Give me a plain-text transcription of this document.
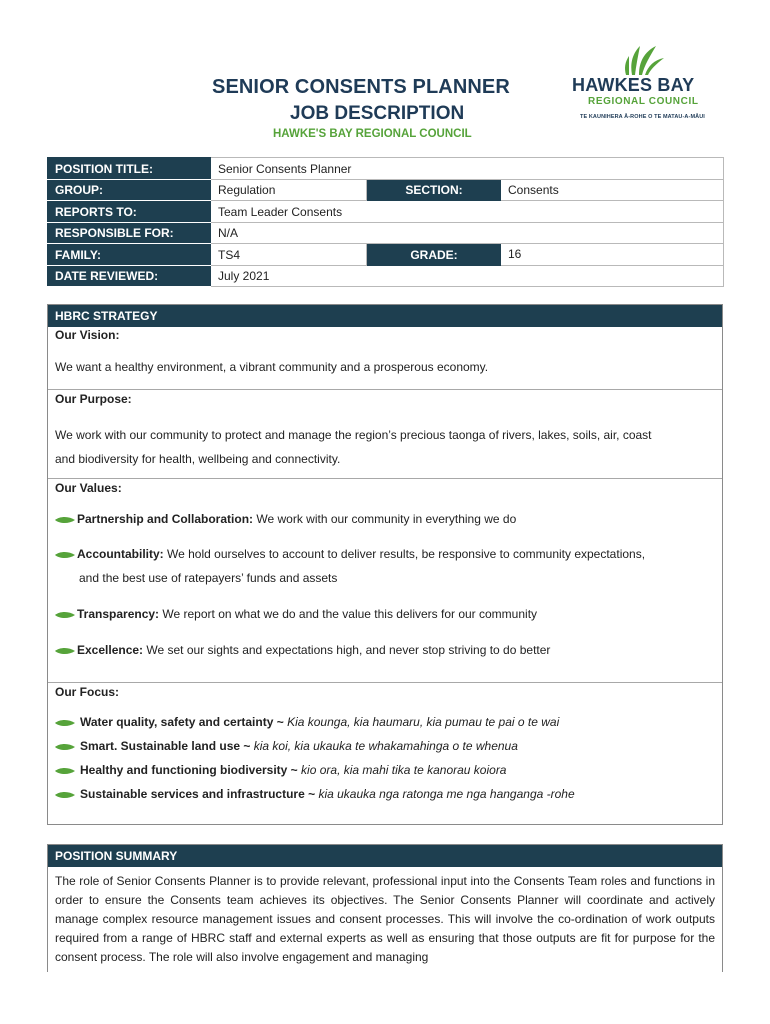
SENIOR CONSENTS PLANNER
JOB DESCRIPTION
HAWKE'S BAY REGIONAL COUNCIL
HAWKES BAY
REGIONAL COUNCIL
TE KAUNIHERA Ā-ROHE O TE MATAU-A-MĀUI
POSITION TITLE:	Senior Consents Planner		
GROUP:	Regulation	SECTION:	Consents
REPORTS TO:	Team Leader Consents		
RESPONSIBLE FOR:	N/A		
FAMILY:	TS4	GRADE:	16
DATE REVIEWED:	July 2021		
HBRC STRATEGY
Our Vision:
We want a healthy environment, a vibrant community and a prosperous economy.
Our Purpose:
We work with our community to protect and manage the region’s precious taonga of rivers, lakes, soils, air, coast
and biodiversity for health, wellbeing and connectivity.
Our Values:
Partnership and Collaboration: We work with our community in everything we do
Accountability: We hold ourselves to account to deliver results, be responsive to community expectations,
and the best use of ratepayers’ funds and assets
Transparency: We report on what we do and the value this delivers for our community
Excellence: We set our sights and expectations high, and never stop striving to do better
Our Focus:
Water quality, safety and certainty ~ Kia kounga, kia haumaru, kia pumau te pai o te wai
Smart. Sustainable land use ~ kia koi, kia ukauka te whakamahinga o te whenua
Healthy and functioning biodiversity ~ kio ora, kia mahi tika te kanorau koiora
Sustainable services and infrastructure ~ kia ukauka nga ratonga me nga hanganga -rohe
POSITION SUMMARY
The role of Senior Consents Planner is to provide relevant, professional input into the Consents Team roles and functions in order to ensure the Consents team achieves its objectives. The Senior Consents Planner will coordinate and actively manage complex resource management issues and consent processes. This will involve the co-ordination of work outputs required from a range of HBRC staff and external experts as well as ensuring that those outputs are fit for purpose for the consent process. The role will also involve engagement and managing
